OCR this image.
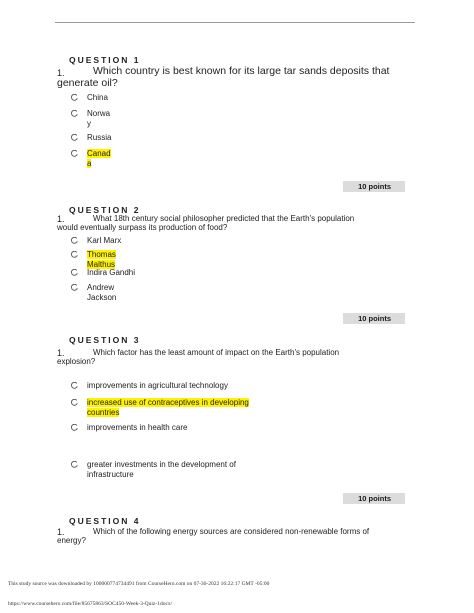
QUESTION 1
1.	Which country is best known for its large tar sands deposits that
generate oil?
China
Norwa
y
Russia
Canad
a
10 points
QUESTION 2
1.	What 18th century social philosopher predicted that the Earth's population
would eventually surpass its production of food?
Karl Marx
Thomas
Malthus
Indira Gandhi
Andrew
Jackson
10 points
QUESTION 3
1.	Which factor has the least amount of impact on the Earth's population
explosion?
improvements in agricultural technology
increased use of contraceptives in developing
countries
improvements in health care
greater investments in the development of
infrastructure
10 points
QUESTION 4
1.	Which of the following energy sources are considered non-renewable forms of
energy?
This study source was downloaded by 100000774734491 from CourseHero.com on 07-30-2022 16:22:17 GMT -05:00
https://www.coursehero.com/file/85675863/SOC450-Week-3-Quiz-1docx/
